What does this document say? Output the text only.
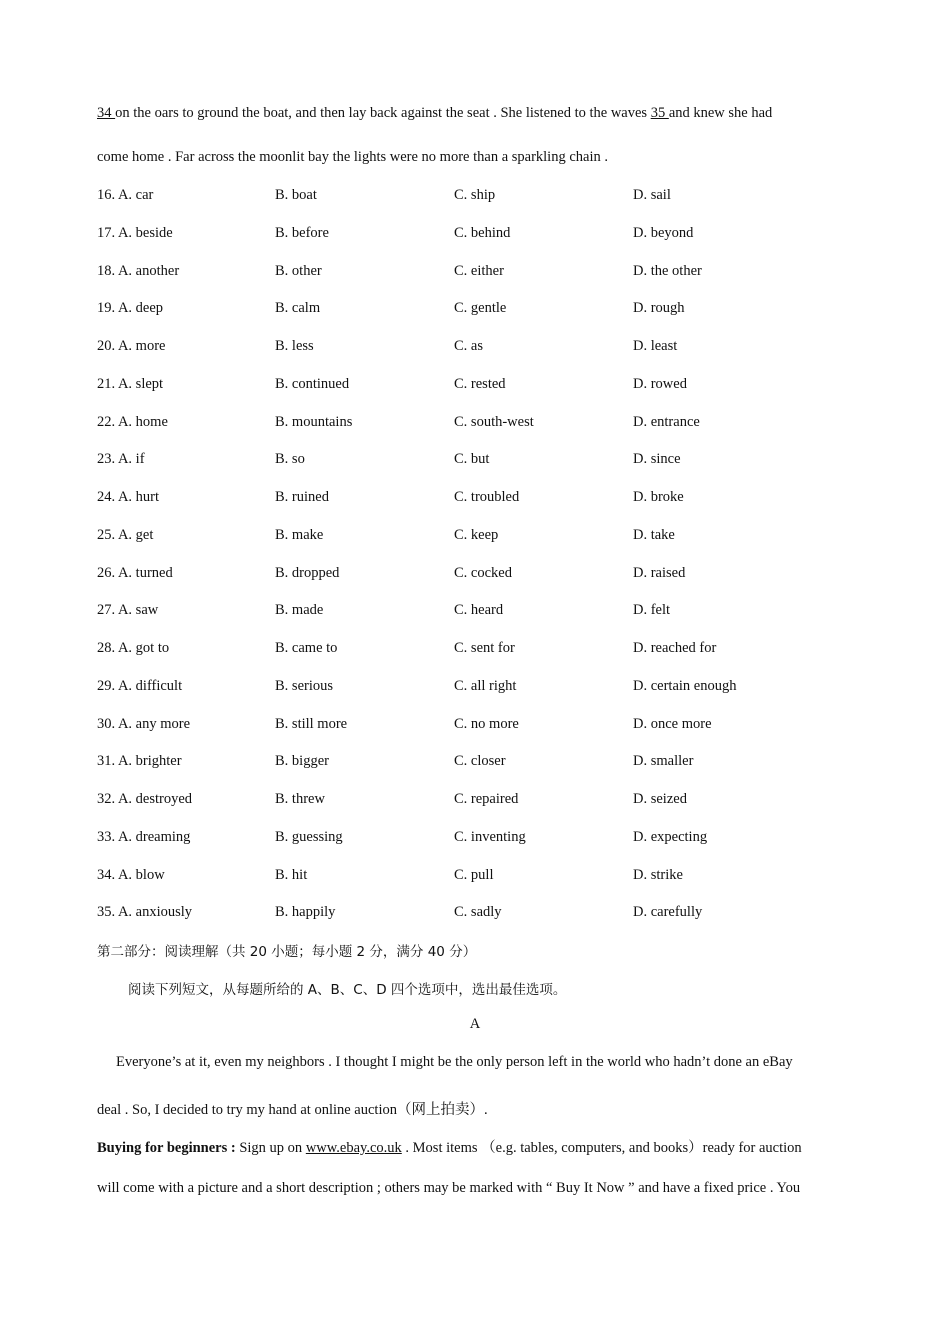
34 on the oars to ground the boat, and then lay back against the seat . She listened to the waves 35 and knew she had
come home . Far across the moonlit bay the lights were no more than a sparkling chain .
16. A. car	B. boat	C. ship	D. sail
17. A. beside	B. before	C. behind	D. beyond
18. A. another	B. other	C. either	D. the other
19. A. deep	B. calm	C. gentle	D. rough
20. A. more	B. less	C. as	D. least
21. A. slept	B. continued	C. rested	D. rowed
22. A. home	B. mountains	C. south-west	D. entrance
23. A. if	B. so	C. but	D. since
24. A. hurt	B. ruined	C. troubled	D. broke
25. A. get	B. make	C. keep	D. take
26. A. turned	B. dropped	C. cocked	D. raised
27. A. saw	B. made	C. heard	D. felt
28. A. got to	B. came to	C. sent for	D. reached for
29. A. difficult	B. serious	C. all right	D. certain enough
30. A. any more	B. still more	C. no more	D. once more
31. A. brighter	B. bigger	C. closer	D. smaller
32. A. destroyed	B. threw	C. repaired	D. seized
33. A. dreaming	B. guessing	C. inventing	D. expecting
34. A. blow	B. hit	C. pull	D. strike
35. A. anxiously	B. happily	C. sadly	D. carefully
第二部分：阅读理解（共 20 小题；每小题 2 分，满分 40 分）
阅读下列短文，从每题所给的 A、B、C、D 四个选项中，选出最佳选项。
A
Everyone’s at it, even my neighbors . I thought I might be the only person left in the world who hadn’t done an eBay
deal . So, I decided to try my hand at online auction（网上拍卖）.
Buying for beginners : Sign up on www.ebay.co.uk . Most items （e.g. tables, computers, and books）ready for auction
will come with a picture and a short description ; others may be marked with “ Buy It Now ” and have a fixed price . You
